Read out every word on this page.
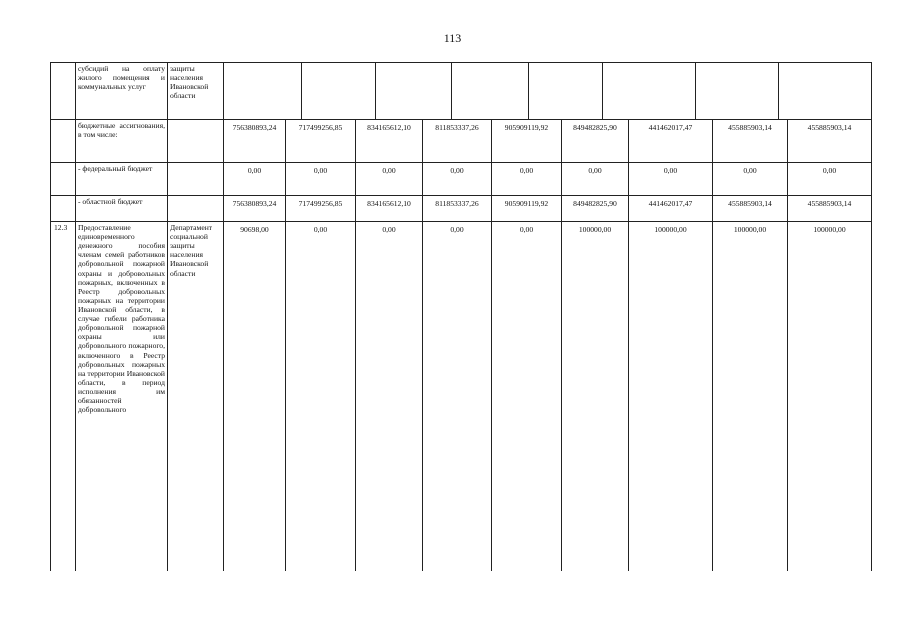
113
	субсидий на оплату жилого помещения и коммунальных услуг	защиты населения Ивановской области	

	бюджетные ассигнования, в том числе:		756380893,24	717499256,85	834165612,10	811853337,26	905909119,92	849482825,90	441462017,47	455885903,14	455885903,14
	- федеральный бюджет		0,00	0,00	0,00	0,00	0,00	0,00	0,00	0,00	0,00
	- областной бюджет		756380893,24	717499256,85	834165612,10	811853337,26	905909119,92	849482825,90	441462017,47	455885903,14	455885903,14
12.3	Предоставление единовременного денежного пособия членам семей работников добровольной пожарной охраны и добровольных пожарных, включенных в Реестр добровольных пожарных на территории Ивановской области, в случае гибели работника добровольной пожарной охраны или добровольного пожарного, включенного в Реестр добровольных пожарных на территории Ивановской области, в период исполнения им обязанностей добровольного	Департамент социальной защиты населения Ивановской области	90698,00	0,00	0,00	0,00	0,00	100000,00	100000,00	100000,00	100000,00
